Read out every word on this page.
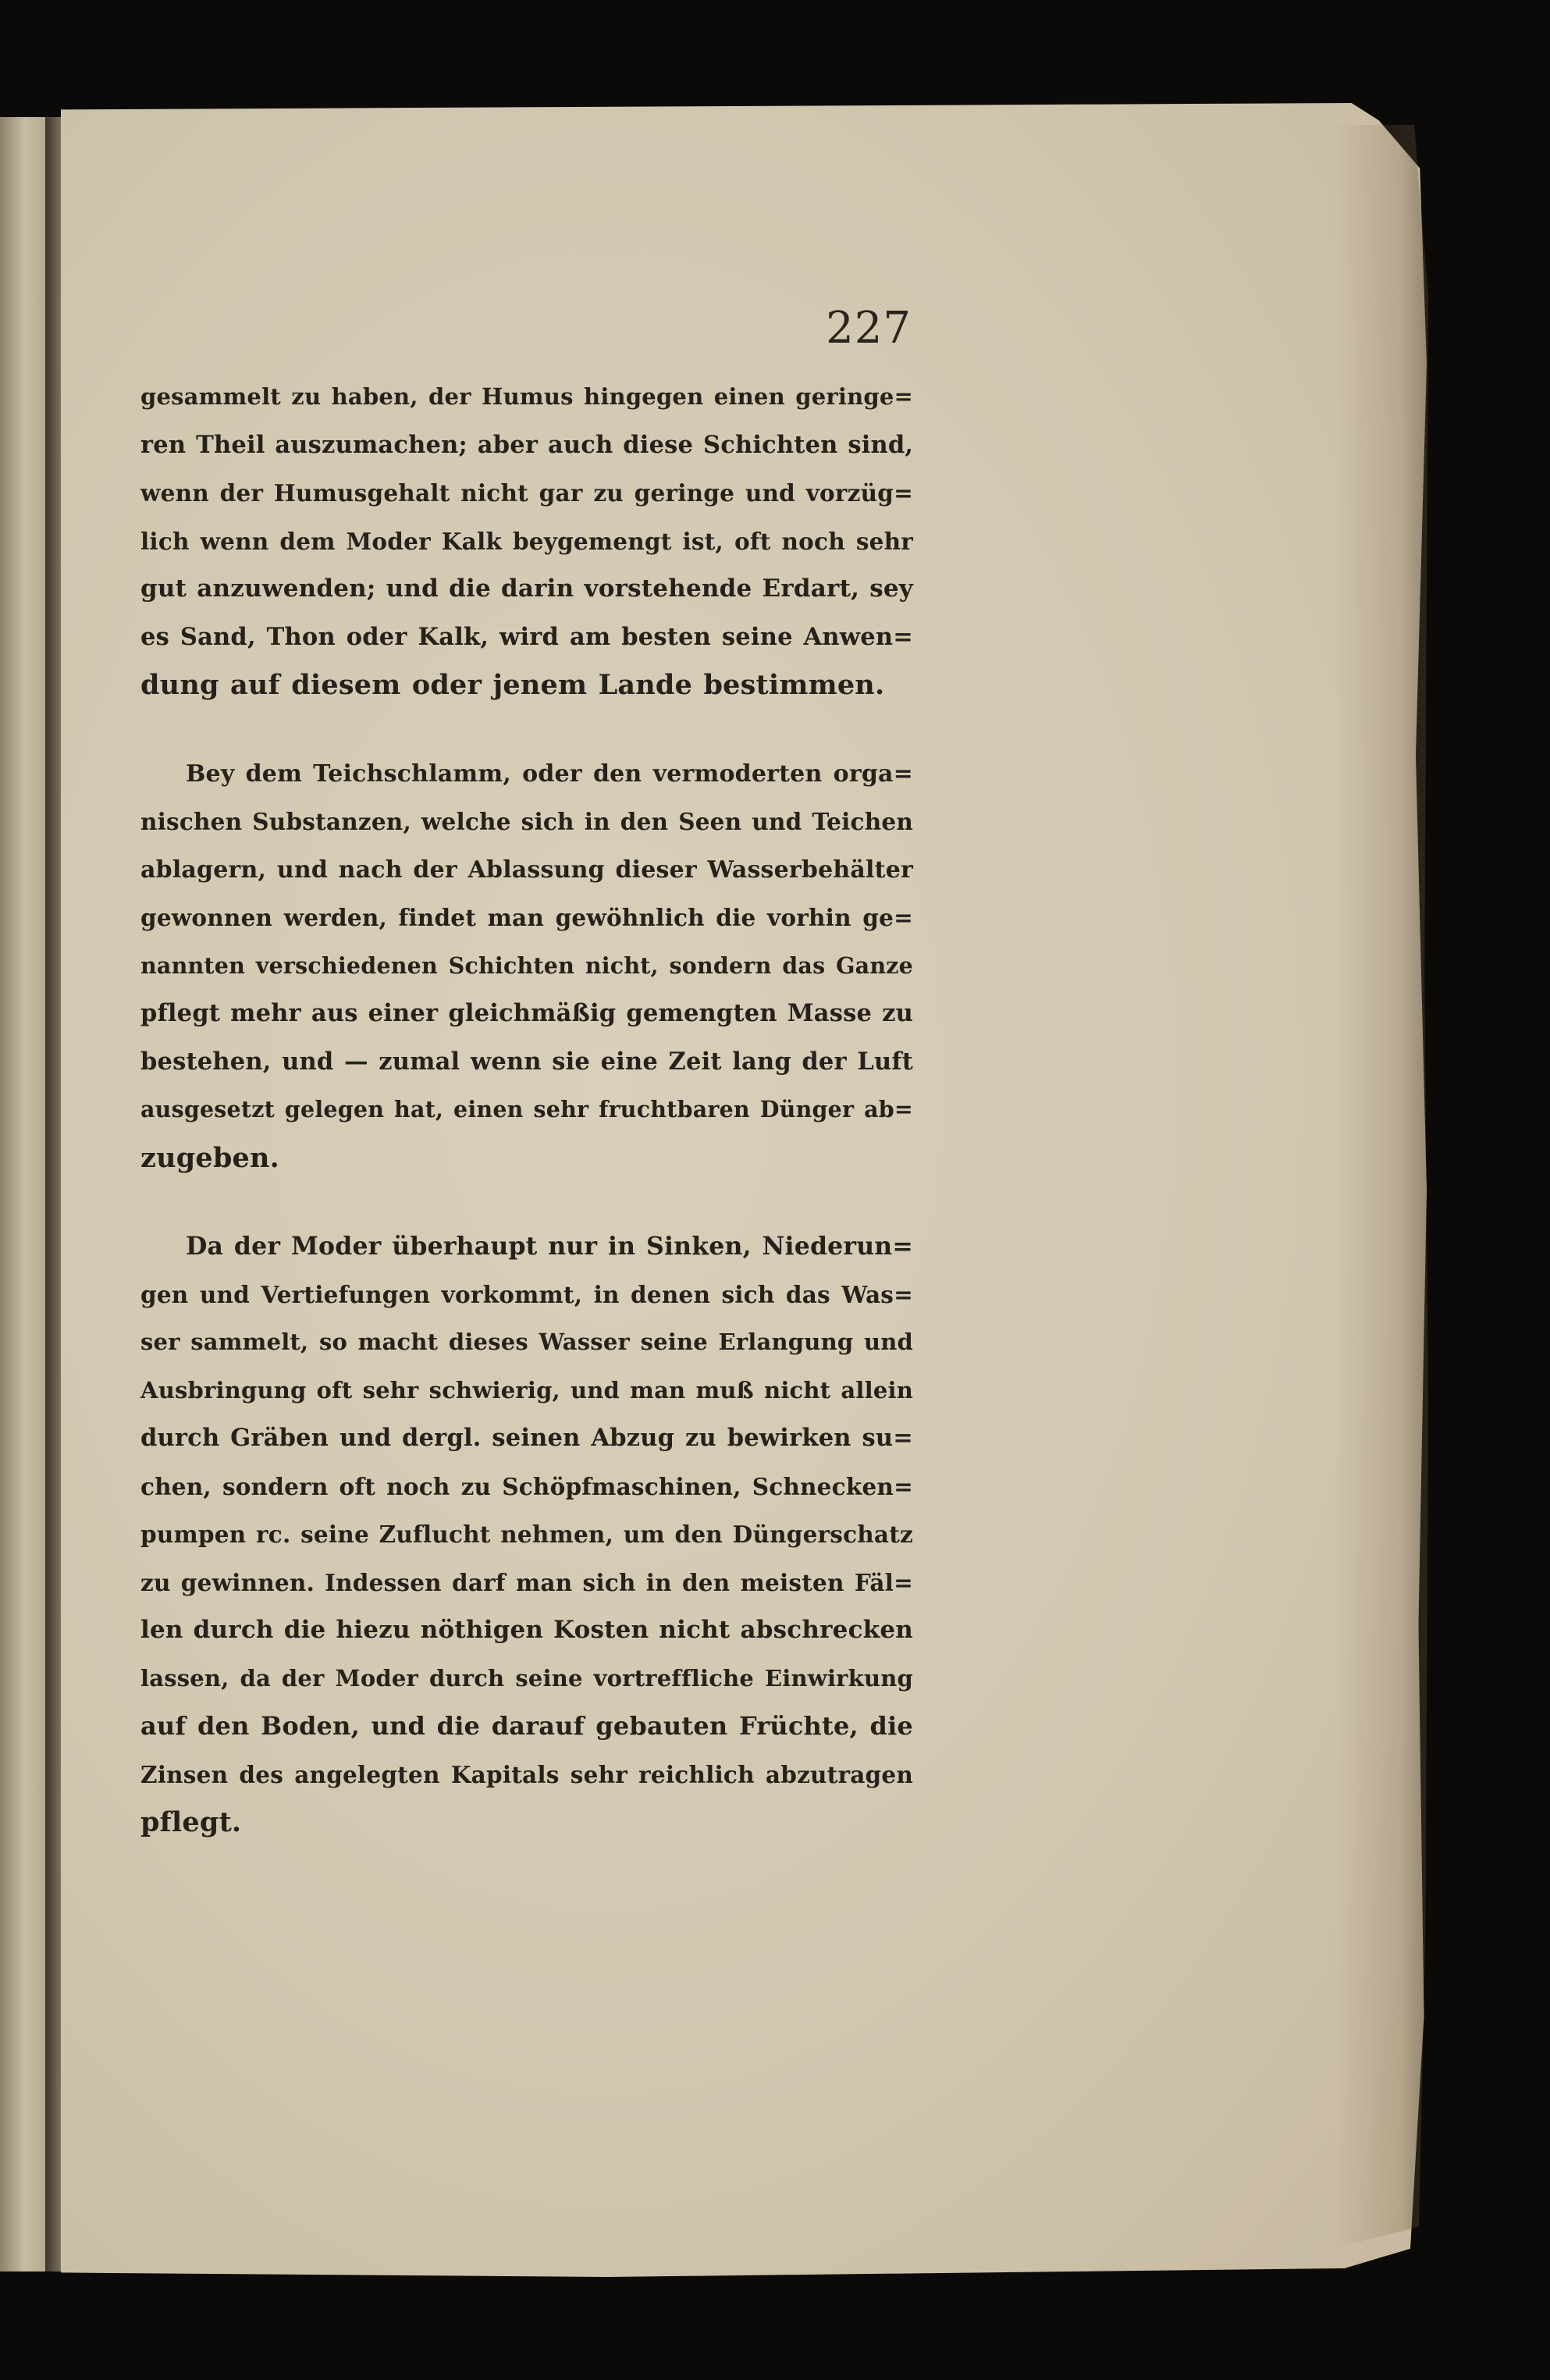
227
gesammelt zu haben, der Humus hingegen einen geringe=
ren Theil auszumachen; aber auch diese Schichten sind,
wenn der Humusgehalt nicht gar zu geringe und vorzüg=
lich wenn dem Moder Kalk beygemengt ist, oft noch sehr
gut anzuwenden; und die darin vorstehende Erdart, sey
es Sand, Thon oder Kalk, wird am besten seine Anwen=
dung auf diesem oder jenem Lande bestimmen.
Bey dem Teichschlamm, oder den vermoderten orga=
nischen Substanzen, welche sich in den Seen und Teichen
ablagern, und nach der Ablassung dieser Wasserbehälter
gewonnen werden, findet man gewöhnlich die vorhin ge=
nannten verschiedenen Schichten nicht, sondern das Ganze
pflegt mehr aus einer gleichmäßig gemengten Masse zu
bestehen, und — zumal wenn sie eine Zeit lang der Luft
ausgesetzt gelegen hat, einen sehr fruchtbaren Dünger ab=
zugeben.
Da der Moder überhaupt nur in Sinken, Niederun=
gen und Vertiefungen vorkommt, in denen sich das Was=
ser sammelt, so macht dieses Wasser seine Erlangung und
Ausbringung oft sehr schwierig, und man muß nicht allein
durch Gräben und dergl. seinen Abzug zu bewirken su=
chen, sondern oft noch zu Schöpfmaschinen, Schnecken=
pumpen rc. seine Zuflucht nehmen, um den Düngerschatz
zu gewinnen. Indessen darf man sich in den meisten Fäl=
len durch die hiezu nöthigen Kosten nicht abschrecken
lassen, da der Moder durch seine vortreffliche Einwirkung
auf den Boden, und die darauf gebauten Früchte, die
Zinsen des angelegten Kapitals sehr reichlich abzutragen
pflegt.
